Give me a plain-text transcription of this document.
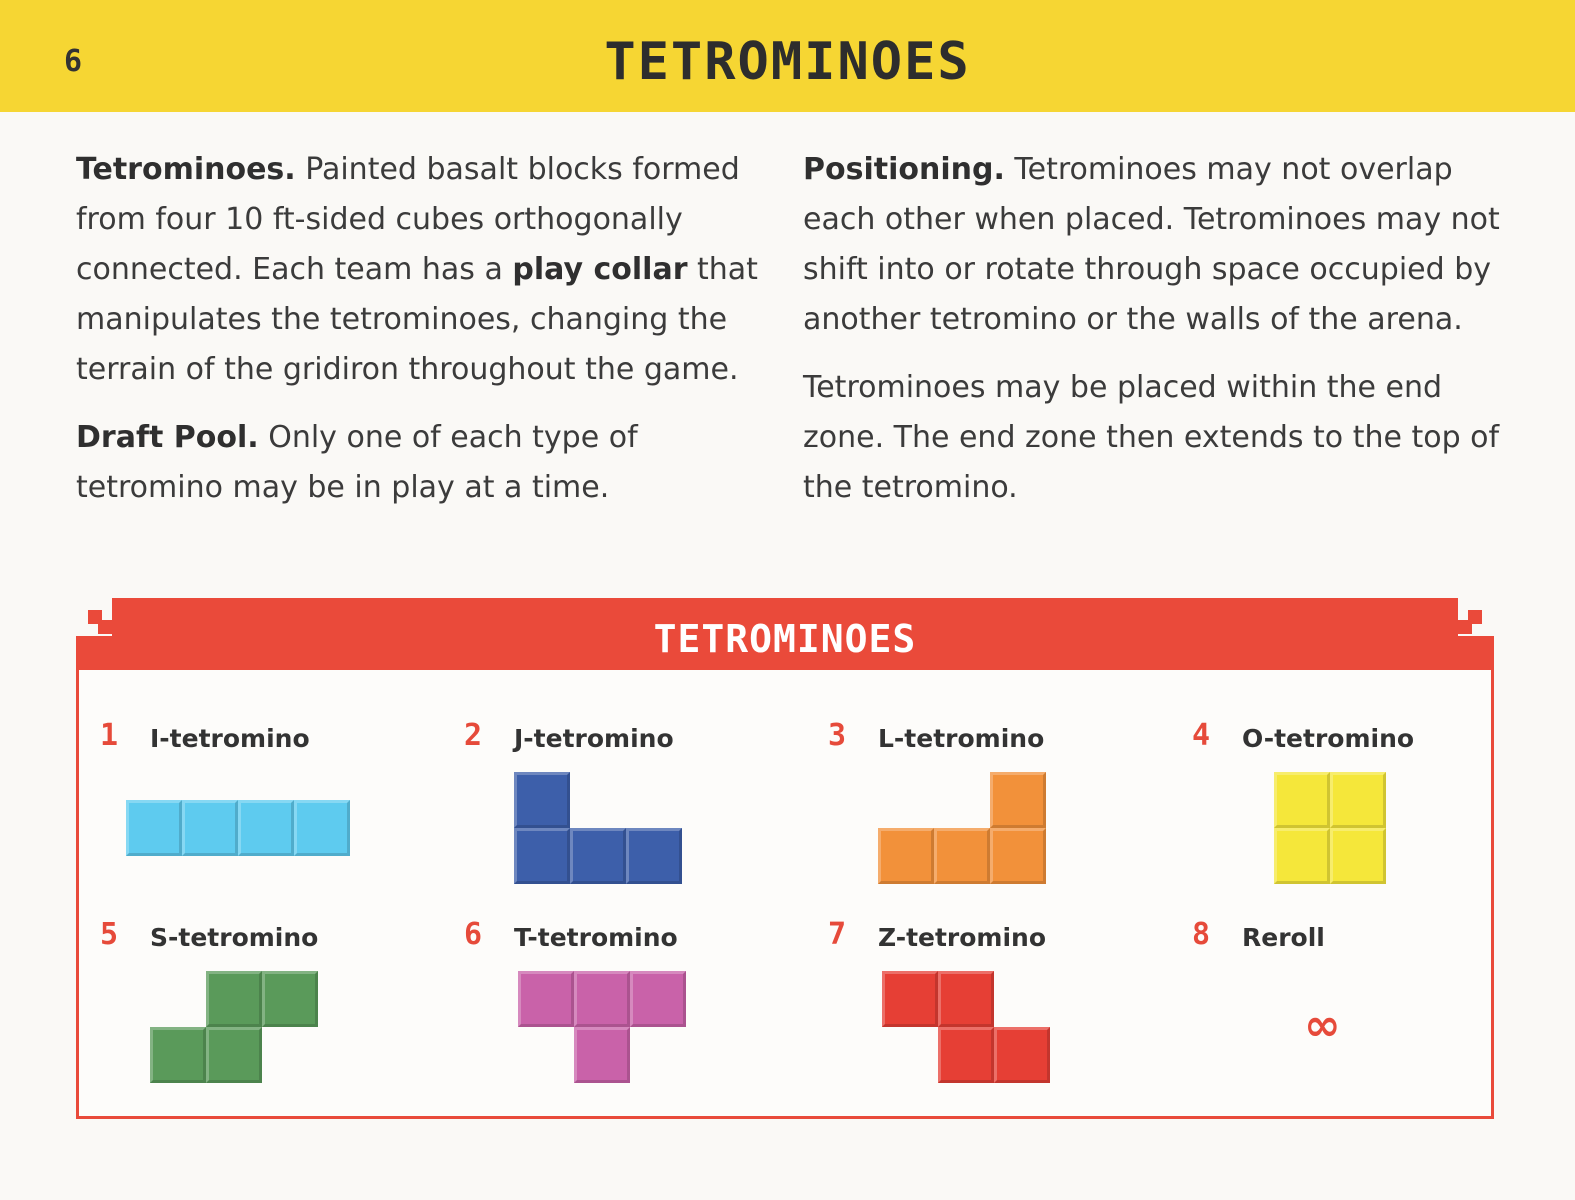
6	TETROMINOES

Tetrominoes. Painted basalt blocks formed from four 10 ft-sided cubes orthogonally connected. Each team has a play collar that manipulates the tetrominoes, changing the terrain of the gridiron throughout the game.

Draft Pool. Only one of each type of tetromino may be in play at a time.

Positioning. Tetrominoes may not overlap each other when placed. Tetrominoes may not shift into or rotate through space occupied by another tetromino or the walls of the arena.

Tetrominoes may be placed within the end zone. The end zone then extends to the top of the tetromino.

TETROMINOES
1	I-tetromino	2	J-tetromino	3	L-tetromino	4	O-tetromino
5	S-tetromino	6	T-tetromino	7	Z-tetromino	8	Reroll
∞
